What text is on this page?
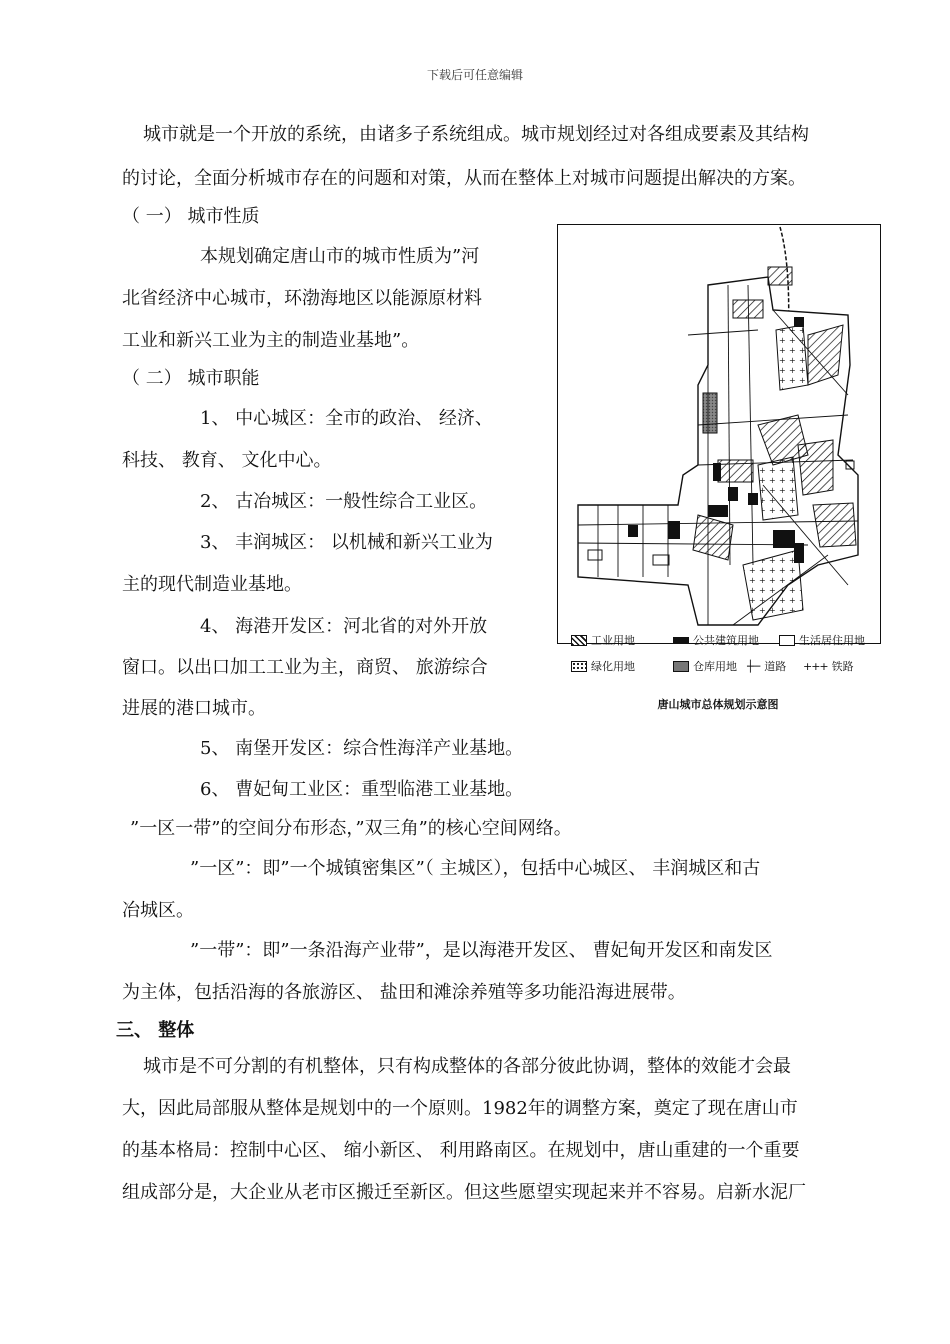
下载后可任意编辑
城市就是一个开放的系统，由诸多子系统组成。城市规划经过对各组成要素及其结构
的讨论，全面分析城市存在的问题和对策，从而在整体上对城市问题提出解决的方案。
（ 一） 城市性质
本规划确定唐山市的城市性质为”河
北省经济中心城市，环渤海地区以能源原材料
工业和新兴工业为主的制造业基地”。
（ 二） 城市职能
1、 中心城区：全市的政治、 经济、
科技、 教育、 文化中心。
2、 古冶城区：一般性综合工业区。
3、 丰润城区： 以机械和新兴工业为
主的现代制造业基地。
4、 海港开发区：河北省的对外开放
窗口。以出口加工工业为主，商贸、 旅游综合
进展的港口城市。
5、 南堡开发区：综合性海洋产业基地。
6、 曹妃甸工业区：重型临港工业基地。
”一区一带”的空间分布形态，”双三角”的核心空间网络。
”一区”：即”一个城镇密集区”（ 主城区），包括中心城区、 丰润城区和古
冶城区。
”一带”：即”一条沿海产业带”，是以海港开发区、 曹妃甸开发区和南发区
为主体，包括沿海的各旅游区、 盐田和滩涂养殖等多功能沿海进展带。
三、 整体
城市是不可分割的有机整体，只有构成整体的各部分彼此协调，整体的效能才会最
大，因此局部服从整体是规划中的一个原则。1982年的调整方案，奠定了现在唐山市
的基本格局：控制中心区、 缩小新区、 利用路南区。在规划中，唐山重建的一个重要
组成部分是，大企业从老市区搬迁至新区。但这些愿望实现起来并不容易。启新水泥厂
工业用地	公共建筑用地	生活居住用地
绿化用地	仓库用地 ┼─ 道路 +++ 铁路
唐山城市总体规划示意图
